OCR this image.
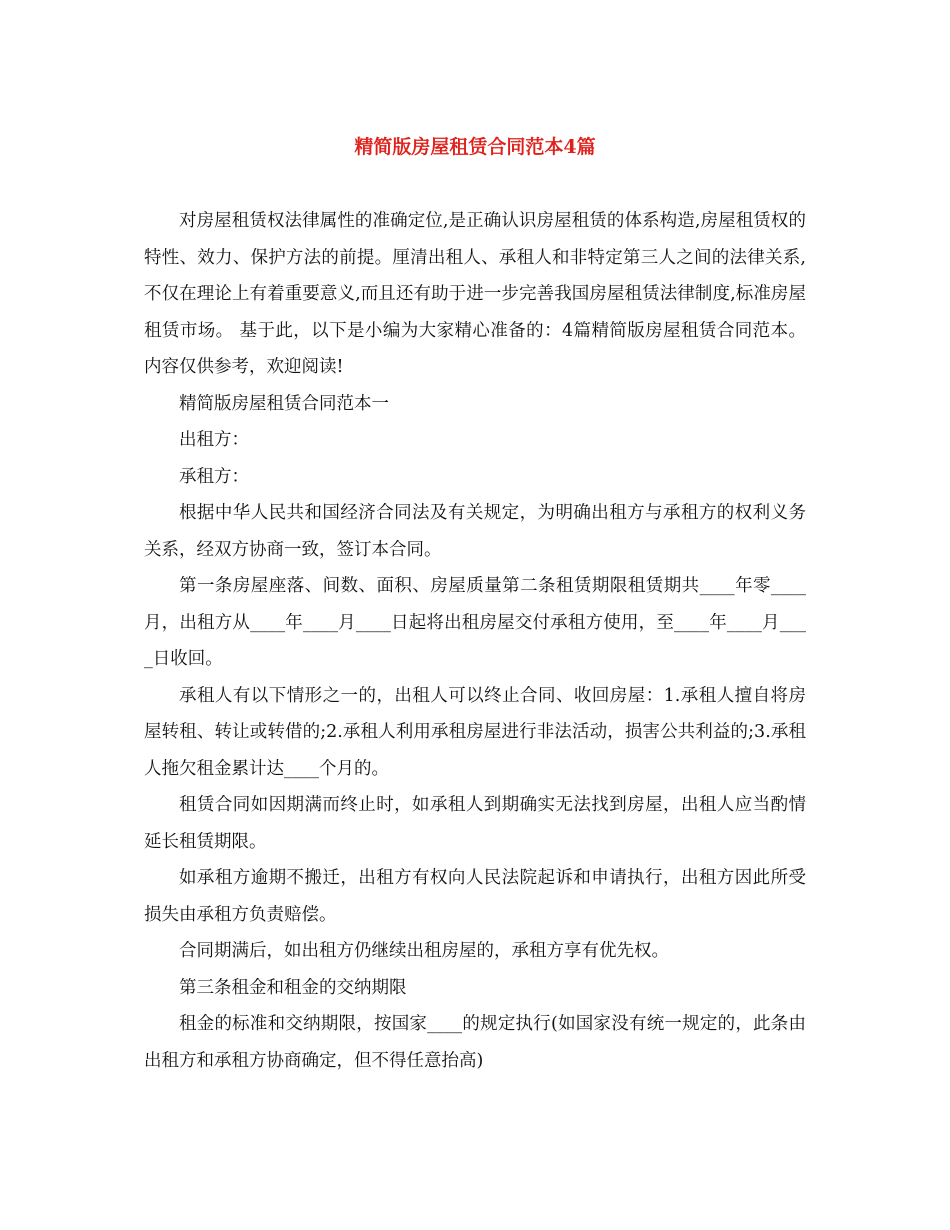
精简版房屋租赁合同范本4篇

对房屋租赁权法律属性的准确定位,是正确认识房屋租赁的体系构造,房屋租赁权的特性、效力、保护方法的前提。厘清出租人、承租人和非特定第三人之间的法律关系,不仅在理论上有着重要意义,而且还有助于进一步完善我国房屋租赁法律制度,标准房屋租赁市场。 基于此，以下是小编为大家精心准备的：4篇精简版房屋租赁合同范本。内容仅供参考，欢迎阅读!

精简版房屋租赁合同范本一

出租方：

承租方：

根据中华人民共和国经济合同法及有关规定，为明确出租方与承租方的权利义务关系，经双方协商一致，签订本合同。

第一条房屋座落、间数、面积、房屋质量第二条租赁期限租赁期共____年零____月，出租方从____年____月____日起将出租房屋交付承租方使用，至____年____月____日收回。

承租人有以下情形之一的，出租人可以终止合同、收回房屋：1.承租人擅自将房屋转租、转让或转借的;2.承租人利用承租房屋进行非法活动，损害公共利益的;3.承租人拖欠租金累计达____个月的。

租赁合同如因期满而终止时，如承租人到期确实无法找到房屋，出租人应当酌情延长租赁期限。

如承租方逾期不搬迁，出租方有权向人民法院起诉和申请执行，出租方因此所受损失由承租方负责赔偿。

合同期满后，如出租方仍继续出租房屋的，承租方享有优先权。

第三条租金和租金的交纳期限

租金的标准和交纳期限，按国家____的规定执行(如国家没有统一规定的，此条由出租方和承租方协商确定，但不得任意抬高)
